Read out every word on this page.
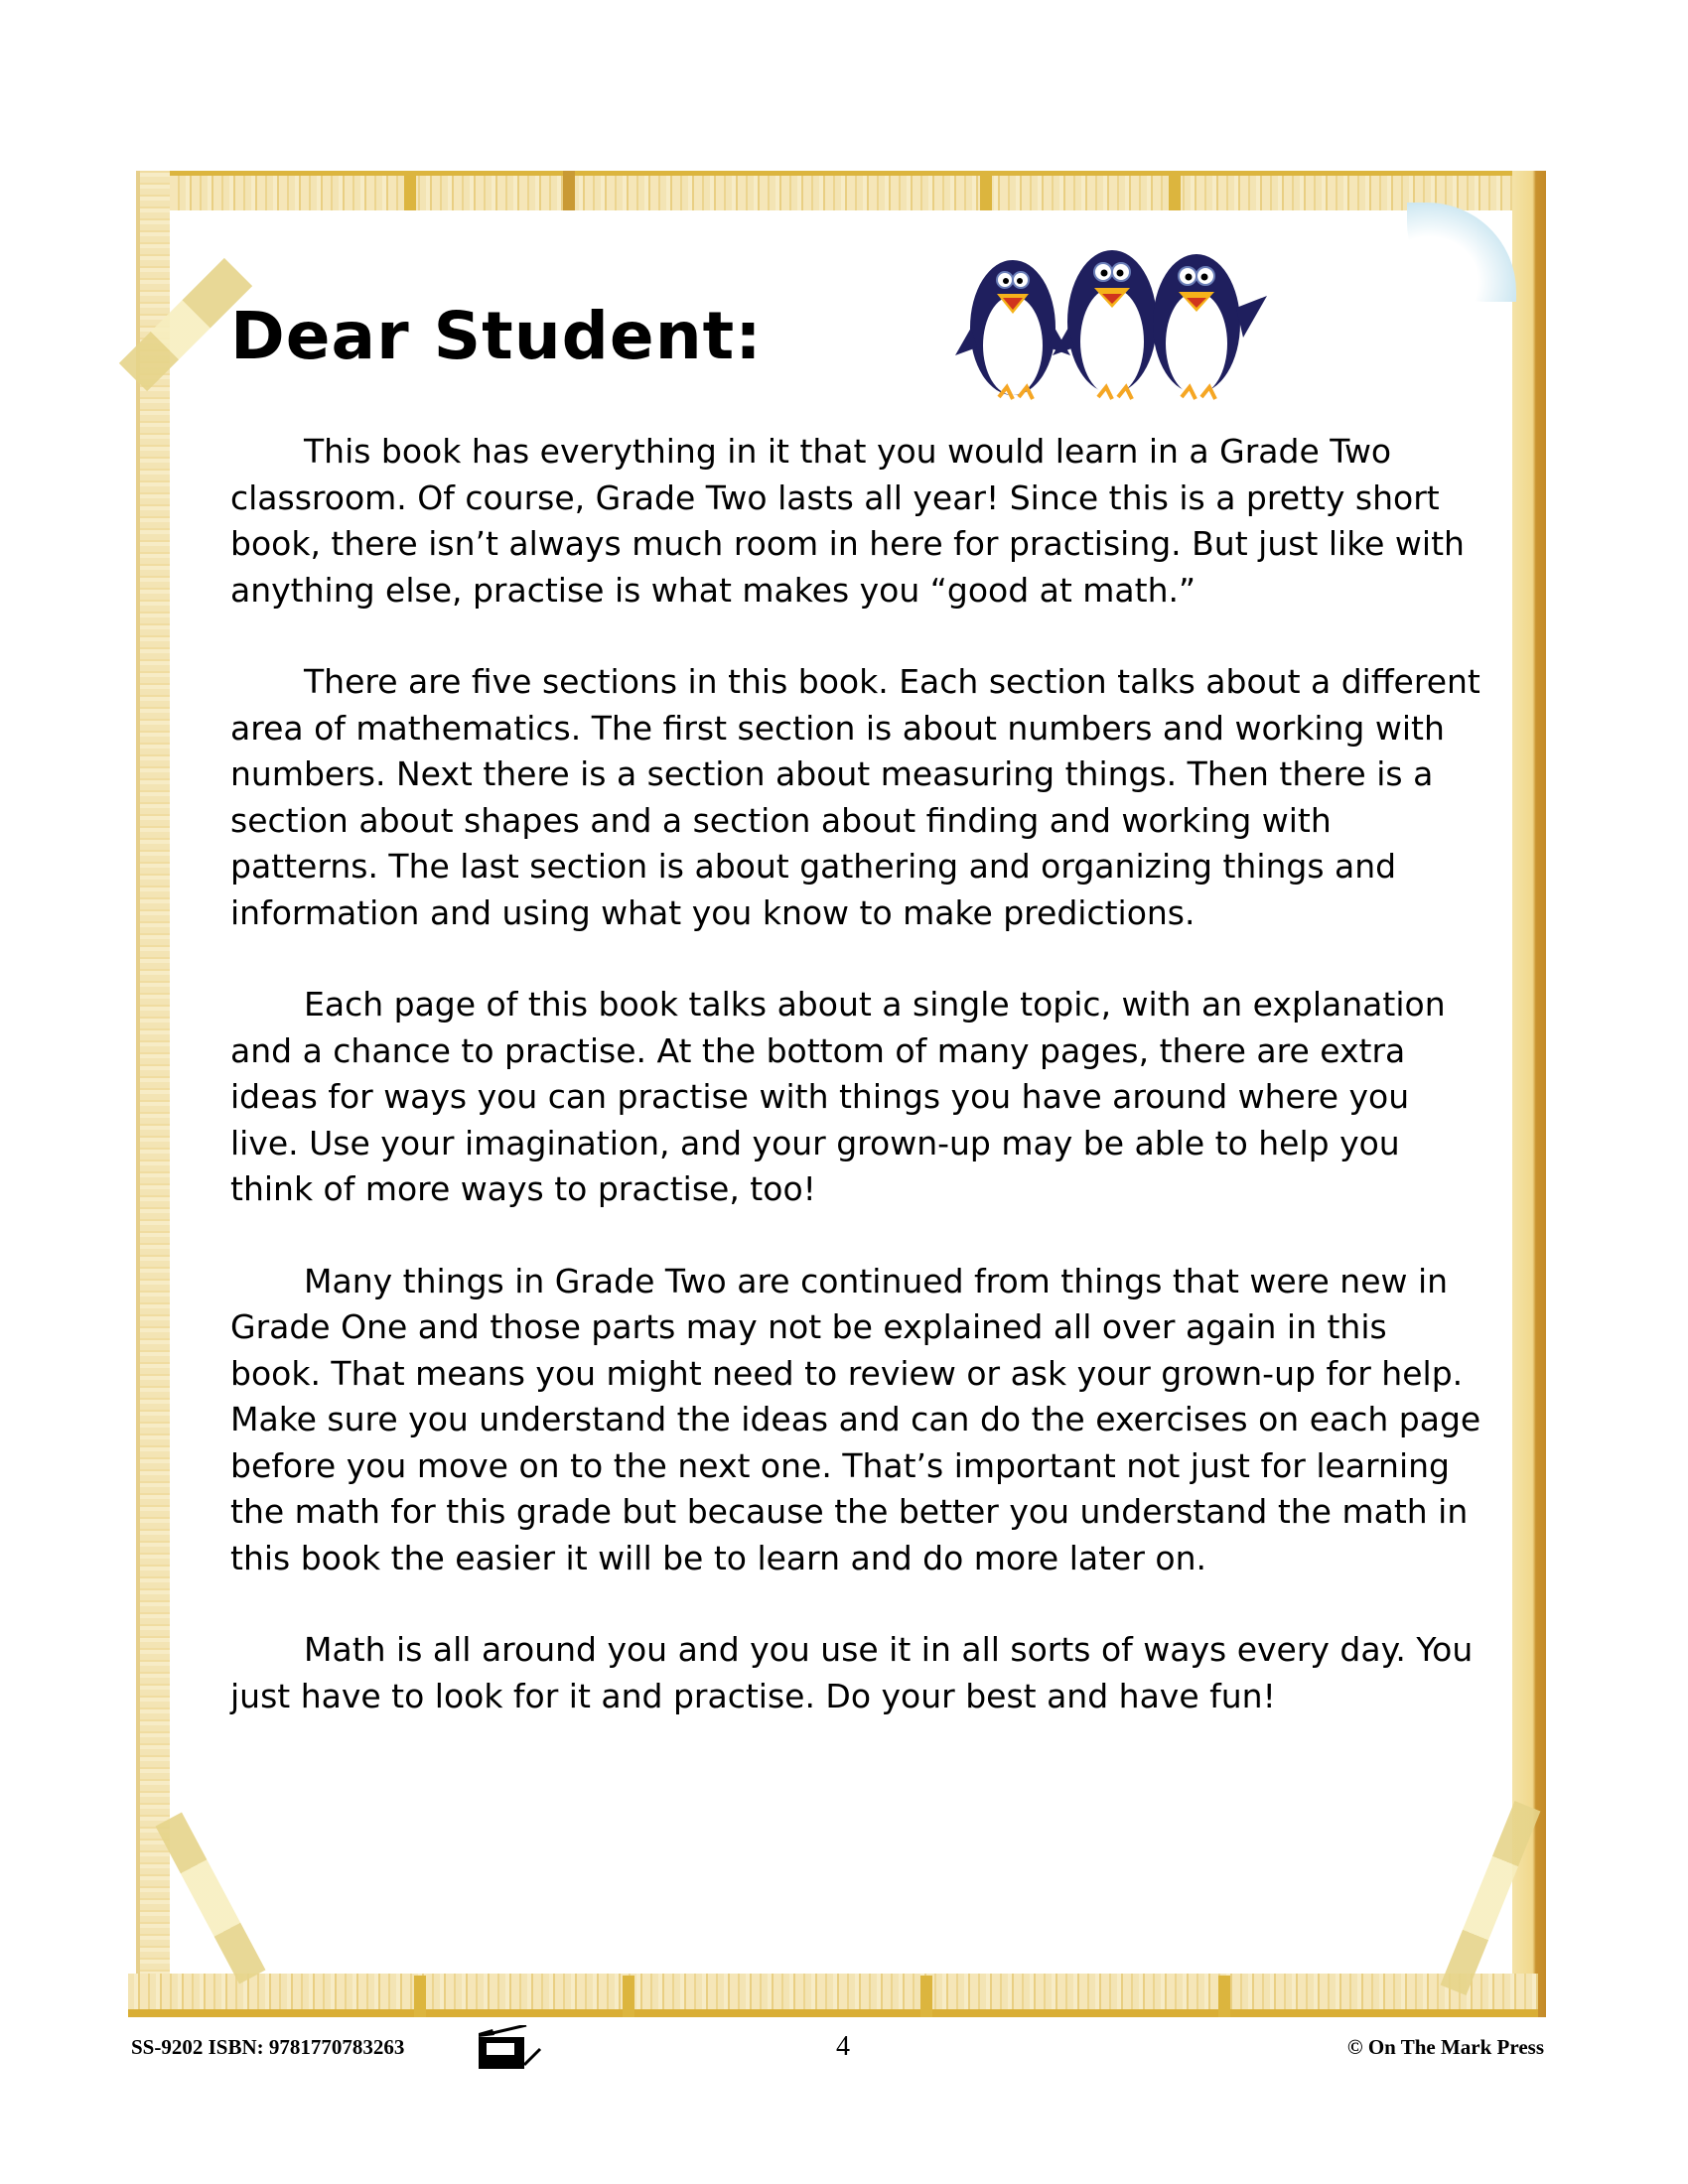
Dear Student:

This book has everything in it that you would learn in a Grade Two classroom. Of course, Grade Two lasts all year! Since this is a pretty short book, there isn’t always much room in here for practising. But just like with anything else, practise is what makes you “good at math.”

There are five sections in this book. Each section talks about a different area of mathematics. The first section is about numbers and working with numbers. Next there is a section about measuring things. Then there is a section about shapes and a section about finding and working with patterns. The last section is about gathering and organizing things and information and using what you know to make predictions.

Each page of this book talks about a single topic, with an explanation and a chance to practise. At the bottom of many pages, there are extra ideas for ways you can practise with things you have around where you live. Use your imagination, and your grown-up may be able to help you think of more ways to practise, too!

Many things in Grade Two are continued from things that were new in Grade One and those parts may not be explained all over again in this book. That means you might need to review or ask your grown-up for help. Make sure you understand the ideas and can do the exercises on each page before you move on to the next one. That’s important not just for learning the math for this grade but because the better you understand the math in this book the easier it will be to learn and do more later on.

Math is all around you and you use it in all sorts of ways every day. You just have to look for it and practise. Do your best and have fun!

SS-9202 ISBN: 9781770783263	4	© On The Mark Press
